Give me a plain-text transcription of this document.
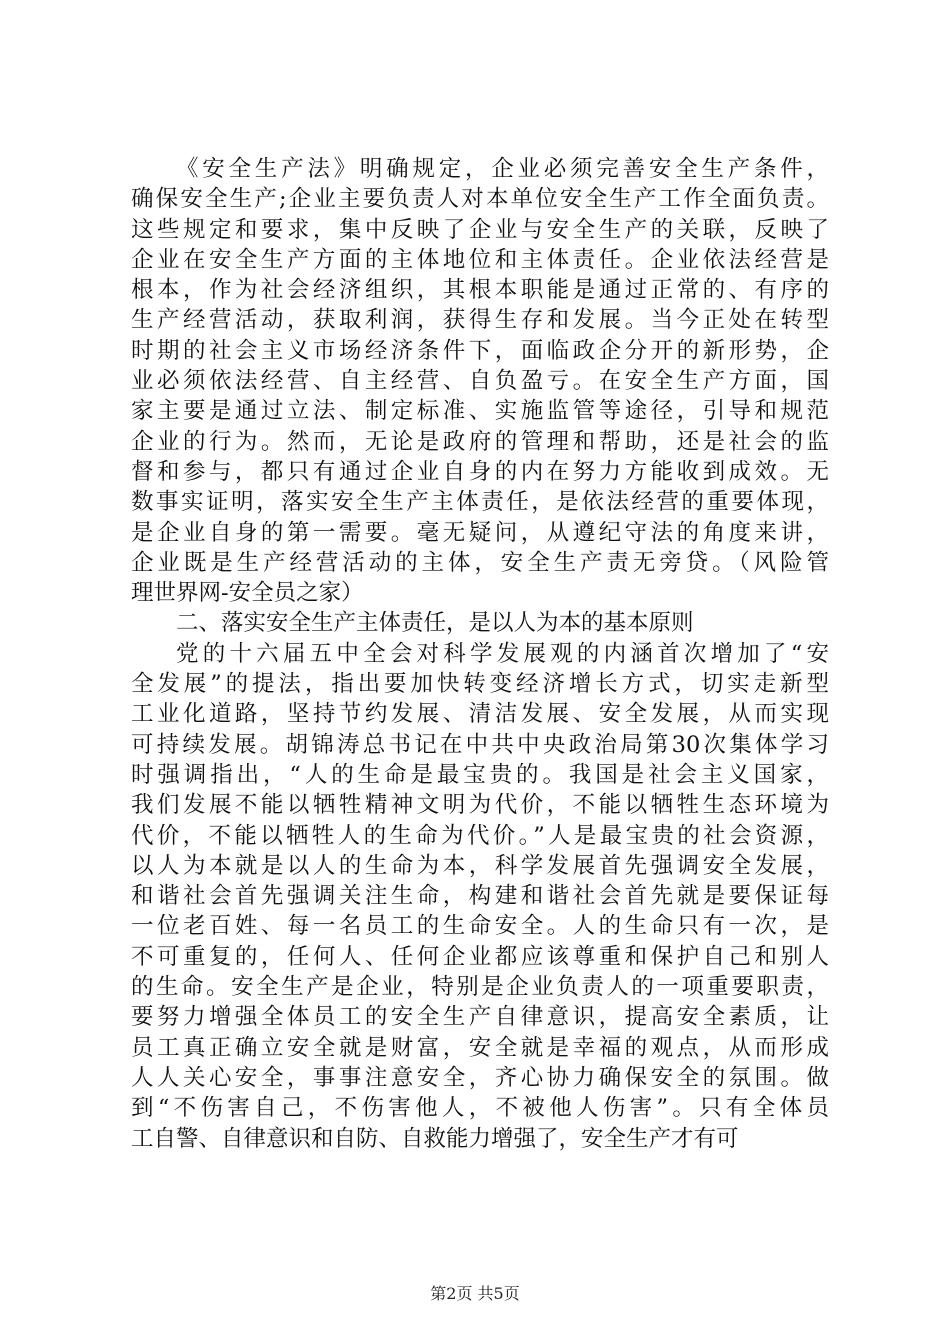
《安全生产法》明确规定，企业必须完善安全生产条件，
确保安全生产;企业主要负责人对本单位安全生产工作全面负责。
这些规定和要求，集中反映了企业与安全生产的关联，反映了
企业在安全生产方面的主体地位和主体责任。企业依法经营是
根本，作为社会经济组织，其根本职能是通过正常的、有序的
生产经营活动，获取利润，获得生存和发展。当今正处在转型
时期的社会主义市场经济条件下，面临政企分开的新形势，企
业必须依法经营、自主经营、自负盈亏。在安全生产方面，国
家主要是通过立法、制定标准、实施监管等途径，引导和规范
企业的行为。然而，无论是政府的管理和帮助，还是社会的监
督和参与，都只有通过企业自身的内在努力方能收到成效。无
数事实证明，落实安全生产主体责任，是依法经营的重要体现，
是企业自身的第一需要。毫无疑问，从遵纪守法的角度来讲，
企业既是生产经营活动的主体，安全生产责无旁贷。（风险管
理世界网-安全员之家）
二、落实安全生产主体责任，是以人为本的基本原则
党的十六届五中全会对科学发展观的内涵首次增加了“安
全发展”的提法，指出要加快转变经济增长方式，切实走新型
工业化道路，坚持节约发展、清洁发展、安全发展，从而实现
可持续发展。胡锦涛总书记在中共中央政治局第30次集体学习
时强调指出，“人的生命是最宝贵的。我国是社会主义国家，
我们发展不能以牺牲精神文明为代价，不能以牺牲生态环境为
代价，不能以牺牲人的生命为代价。”人是最宝贵的社会资源，
以人为本就是以人的生命为本，科学发展首先强调安全发展，
和谐社会首先强调关注生命，构建和谐社会首先就是要保证每
一位老百姓、每一名员工的生命安全。人的生命只有一次，是
不可重复的，任何人、任何企业都应该尊重和保护自己和别人
的生命。安全生产是企业，特别是企业负责人的一项重要职责，
要努力增强全体员工的安全生产自律意识，提高安全素质，让
员工真正确立安全就是财富，安全就是幸福的观点，从而形成
人人关心安全，事事注意安全，齐心协力确保安全的氛围。做
到“不伤害自己，不伤害他人，不被他人伤害”。只有全体员
工自警、自律意识和自防、自救能力增强了，安全生产才有可
第2页 共5页
